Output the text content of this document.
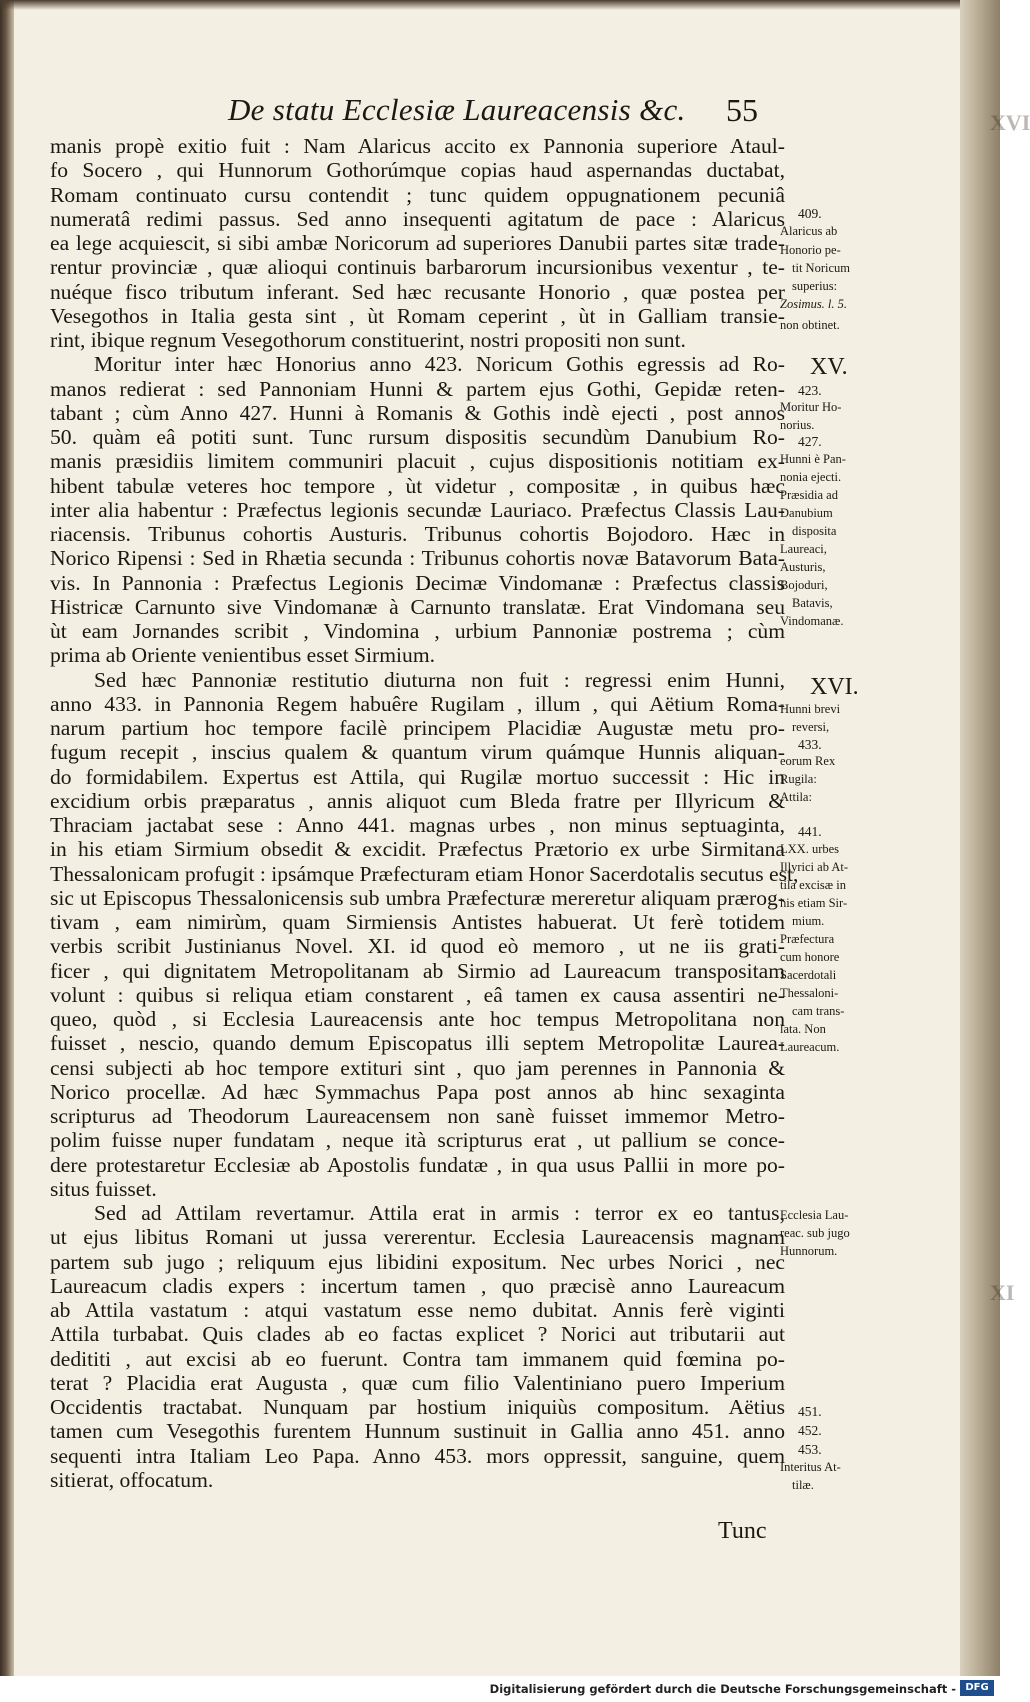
XVI
XI
De statu Ecclesiæ Laureacensis &c. 55
manis propè exitio fuit : Nam Alaricus accito ex Pannonia superiore Ataul-
fo Socero , qui Hunnorum Gothorúmque copias haud aspernandas ductabat,
Romam continuato cursu contendit ; tunc quidem oppugnationem pecuniâ
numeratâ redimi passus. Sed anno insequenti agitatum de pace : Alaricus
ea lege acquiescit, si sibi ambæ Noricorum ad superiores Danubii partes sitæ trade-
rentur provinciæ , quæ alioqui continuis barbarorum incursionibus vexentur , te-
nuéque fisco tributum inferant. Sed hæc recusante Honorio , quæ postea per
Vesegothos in Italia gesta sint , ùt Romam ceperint , ùt in Galliam transie-
rint, ibique regnum Vesegothorum constituerint, nostri propositi non sunt.
Moritur inter hæc Honorius anno 423. Noricum Gothis egressis ad Ro-
manos redierat : sed Pannoniam Hunni & partem ejus Gothi, Gepidæ reten-
tabant ; cùm Anno 427. Hunni à Romanis & Gothis indè ejecti , post annos
50. quàm eâ potiti sunt. Tunc rursum dispositis secundùm Danubium Ro-
manis præsidiis limitem communiri placuit , cujus dispositionis notitiam ex-
hibent tabulæ veteres hoc tempore , ùt videtur , compositæ , in quibus hæc
inter alia habentur : Præfectus legionis secundæ Lauriaco. Præfectus Classis Lau-
riacensis. Tribunus cohortis Austuris. Tribunus cohortis Bojodoro. Hæc in
Norico Ripensi : Sed in Rhætia secunda : Tribunus cohortis novæ Batavorum Bata-
vis. In Pannonia : Præfectus Legionis Decimæ Vindomanæ : Præfectus classis
Histricæ Carnunto sive Vindomanæ à Carnunto translatæ. Erat Vindomana seu
ùt eam Jornandes scribit , Vindomina , urbium Pannoniæ postrema ; cùm
prima ab Oriente venientibus esset Sirmium.
Sed hæc Pannoniæ restitutio diuturna non fuit : regressi enim Hunni,
anno 433. in Pannonia Regem habuêre Rugilam , illum , qui Aëtium Roma-
narum partium hoc tempore facilè principem Placidiæ Augustæ metu pro-
fugum recepit , inscius qualem & quantum virum quámque Hunnis aliquan-
do formidabilem. Expertus est Attila, qui Rugilæ mortuo successit : Hic in
excidium orbis præparatus , annis aliquot cum Bleda fratre per Illyricum &
Thraciam jactabat sese : Anno 441. magnas urbes , non minus septuaginta,
in his etiam Sirmium obsedit & excidit. Præfectus Prætorio ex urbe Sirmitana
Thessalonicam profugit : ipsámque Præfecturam etiam Honor Sacerdotalis secutus est,
sic ut Episcopus Thessalonicensis sub umbra Præfecturæ mereretur aliquam prærog-
tivam , eam nimirùm, quam Sirmiensis Antistes habuerat. Ut ferè totidem
verbis scribit Justinianus Novel. XI. id quod eò memoro , ut ne iis grati-
ficer , qui dignitatem Metropolitanam ab Sirmio ad Laureacum transpositam
volunt : quibus si reliqua etiam constarent , eâ tamen ex causa assentiri ne-
queo, quòd , si Ecclesia Laureacensis ante hoc tempus Metropolitana non
fuisset , nescio, quando demum Episcopatus illi septem Metropolitæ Laurea-
censi subjecti ab hoc tempore extituri sint , quo jam perennes in Pannonia &
Norico procellæ. Ad hæc Symmachus Papa post annos ab hinc sexaginta
scripturus ad Theodorum Laureacensem non sanè fuisset immemor Metro-
polim fuisse nuper fundatam , neque ità scripturus erat , ut pallium se conce-
dere protestaretur Ecclesiæ ab Apostolis fundatæ , in qua usus Pallii in more po-
situs fuisset.
Sed ad Attilam revertamur. Attila erat in armis : terror ex eo tantus,
ut ejus libitus Romani ut jussa vererentur. Ecclesia Laureacensis magnam
partem sub jugo ; reliquum ejus libidini expositum. Nec urbes Norici , nec
Laureacum cladis expers : incertum tamen , quo præcisè anno Laureacum
ab Attila vastatum : atqui vastatum esse nemo dubitat. Annis ferè viginti
Attila turbabat. Quis clades ab eo factas explicet ? Norici aut tributarii aut
dedititi , aut excisi ab eo fuerunt. Contra tam immanem quid fœmina po-
terat ? Placidia erat Augusta , quæ cum filio Valentiniano puero Imperium
Occidentis tractabat. Nunquam par hostium iniquiùs compositum. Aëtius
tamen cum Vesegothis furentem Hunnum sustinuit in Gallia anno 451. anno
sequenti intra Italiam Leo Papa. Anno 453. mors oppressit, sanguine, quem
sitierat, offocatum.
409.
Alaricus ab
Honorio pe-
tit Noricum
superius:
Zosimus. l. 5.
non obtinet.
XV.
423.
Moritur Ho-
norius.
427.
Hunni è Pan-
nonia ejecti.
Præsidia ad
Danubium
disposita
Laureaci,
Austuris,
Bojoduri,
Batavis,
Vindomanæ.
XVI.
Hunni brevi
reversi,
433.
eorum Rex
Rugila:
Attila:
441.
LXX. urbes
Illyrici ab At-
tila excisæ in
his etiam Sir-
mium.
Præfectura
cum honore
Sacerdotali
Thessaloni-
cam trans-
lata. Non
Laureacum.
Ecclesia Lau-
reac. sub jugo
Hunnorum.
451.
452.
453.
Interitus At-
tilæ.
Tunc
Digitalisierung gefördert durch die Deutsche Forschungsgemeinschaft - DFG
